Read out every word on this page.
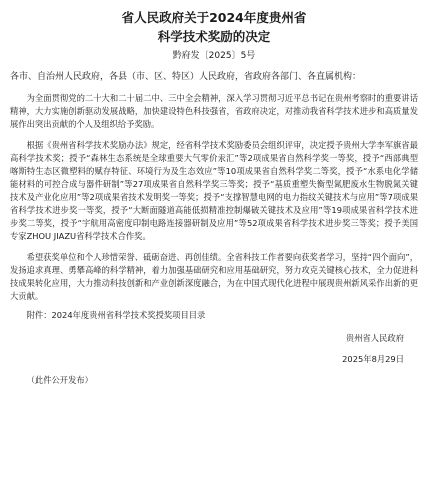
省人民政府关于2024年度贵州省
科学技术奖励的决定
黔府发〔2025〕5号
各市、自治州人民政府，各县（市、区、特区）人民政府，省政府各部门、各直属机构：

为全面贯彻党的二十大和二十届二中、三中全会精神，深入学习贯彻习近平总书记在贵州考察时的重要讲话精神，大力实施创新驱动发展战略，加快建设特色科技强省，省政府决定，对推动我省科学技术进步和高质量发展作出突出贡献的个人及组织给予奖励。

根据《贵州省科学技术奖励办法》规定，经省科学技术奖励委员会组织评审，决定授予贵州大学李军旗省最高科学技术奖；授予“森林生态系统是全球重要大气零价汞汇”等2项成果省自然科学奖一等奖，授予“西部典型喀斯特生态区微塑料的赋存特征、环境行为及生态效应”等10项成果省自然科学奖二等奖，授予“水系电化学储能材料的可控合成与器件研制”等27项成果省自然科学奖三等奖；授予“基质重塑失衡型氮肥废水生物脱氮关键技术及产业化应用”等2项成果省技术发明奖一等奖；授予“支撑智慧电网的电力指纹关键技术与应用”等7项成果省科学技术进步奖一等奖，授予“大断面隧道高能低损精准控制爆破关键技术及应用”等19项成果省科学技术进步奖二等奖，授予“宇航用高密度印制电路连接器研制及应用”等52项成果省科学技术进步奖三等奖；授予美国专家ZHOU JIAZU省科学技术合作奖。

希望获奖单位和个人珍惜荣誉、砥砺奋进、再创佳绩。全省科技工作者要向获奖者学习，坚持“四个面向”，发扬追求真理、勇攀高峰的科学精神，着力加强基础研究和应用基础研究，努力攻克关键核心技术，全力促进科技成果转化应用，大力推动科技创新和产业创新深度融合，为在中国式现代化进程中展现贵州新风采作出新的更大贡献。

附件：2024年度贵州省科学技术奖授奖项目目录
贵州省人民政府
2025年8月29日
（此件公开发布）
